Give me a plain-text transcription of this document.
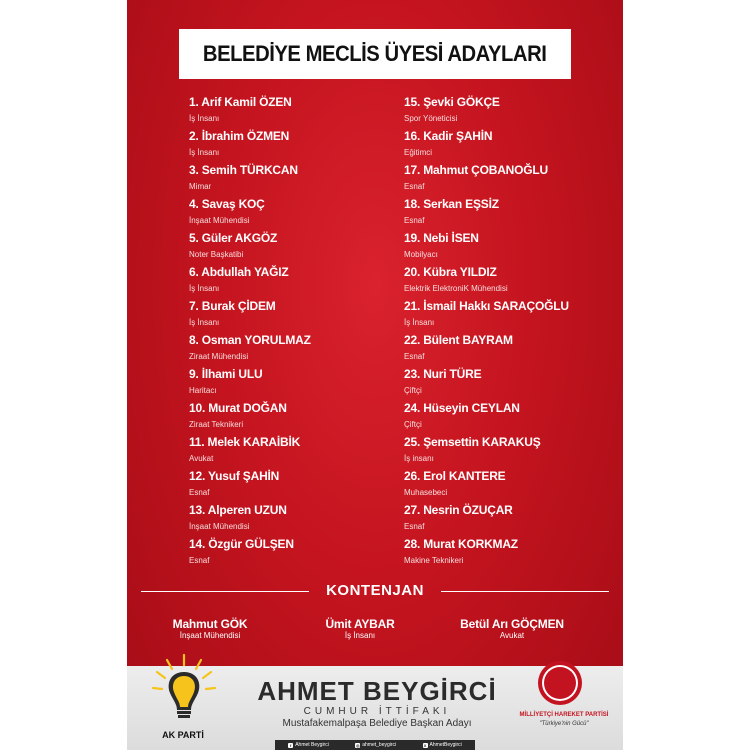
BELEDİYE MECLİS ÜYESİ ADAYLARI
1. Arif Kamil ÖZEN
İş İnsanı
2. İbrahim ÖZMEN
İş İnsanı
3. Semih TÜRKCAN
Mimar
4. Savaş KOÇ
İnşaat Mühendisi
5. Güler AKGÖZ
Noter Başkatibi
6. Abdullah YAĞIZ
İş İnsanı
7. Burak ÇİDEM
İş İnsanı
8. Osman YORULMAZ
Ziraat Mühendisi
9. İlhami ULU
Haritacı
10. Murat DOĞAN
Ziraat Teknikeri
11. Melek KARAİBİK
Avukat
12. Yusuf ŞAHİN
Esnaf
13. Alperen UZUN
İnşaat Mühendisi
14. Özgür GÜLŞEN
Esnaf
15. Şevki GÖKÇE
Spor Yöneticisi
16. Kadir ŞAHİN
Eğitimci
17. Mahmut ÇOBANOĞLU
Esnaf
18. Serkan EŞSİZ
Esnaf
19. Nebi İSEN
Mobilyacı
20. Kübra YILDIZ
Elektrik ElektroniK Mühendisi
21. İsmail Hakkı SARAÇOĞLU
İş İnsanı
22. Bülent BAYRAM
Esnaf
23. Nuri TÜRE
Çiftçi
24. Hüseyin CEYLAN
Çiftçi
25. Şemsettin KARAKUŞ
İş insanı
26. Erol KANTERE
Muhasebeci
27. Nesrin ÖZUÇAR
Esnaf
28. Murat KORKMAZ
Makine Teknikeri
KONTENJAN
Mahmut GÖK
İnşaat Mühendisi
Ümit AYBAR
İş İnsanı
Betül Arı GÖÇMEN
Avukat
AK PARTİ
AHMET BEYGİRCİ
CUMHUR İTTİFAKI
Mustafakemalpaşa Belediye Başkan Adayı
f Ahmet Beygirci	◎ ahmet_beygirci	X AhmetBeygirci
MİLLİYETÇİ HAREKET PARTİSİ
"Türkiye'nin Gücü"
